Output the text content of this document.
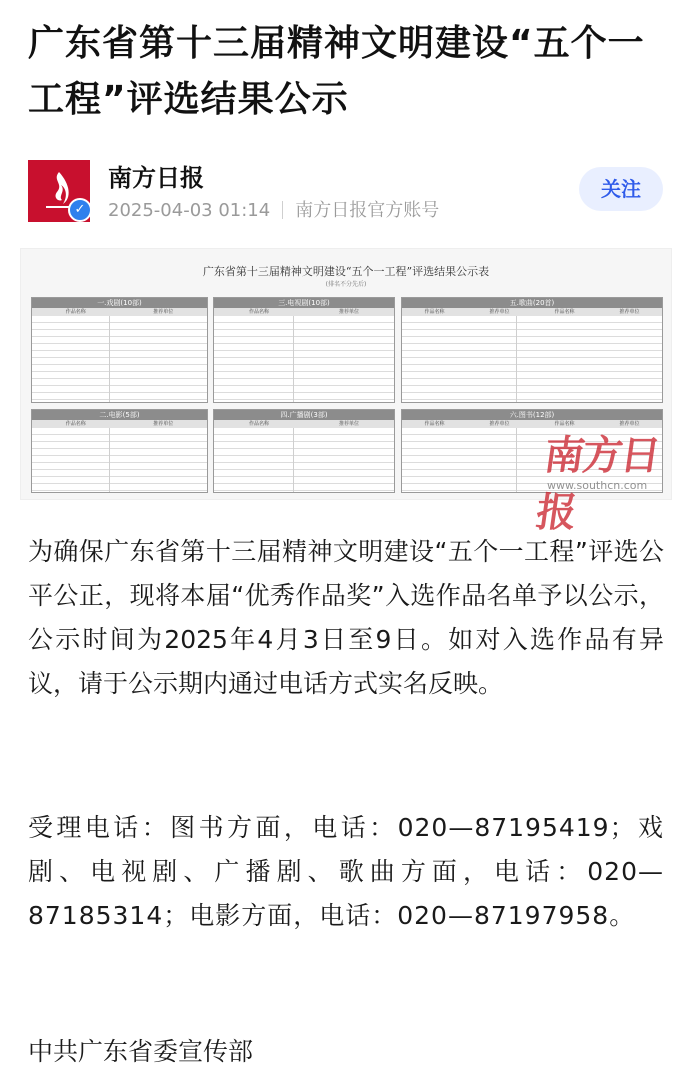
广东省第十三届精神文明建设“五个一工程”评选结果公示
✓
南方日报
2025-04-03 01:14 南方日报官方账号
关注
广东省第十三届精神文明建设“五个一工程”评选结果公示表
(排名不分先后)
一.戏剧(10部)
作品名称	推荐单位
三.电视剧(10部)
作品名称	推荐单位
五.歌曲(20首)
作品名称	推荐单位	作品名称	推荐单位
二.电影(5部)
作品名称	推荐单位
四.广播剧(3部)
作品名称	推荐单位
六.图书(12部)
作品名称	推荐单位	作品名称	推荐单位
南方日报
www.southcn.com
为确保广东省第十三届精神文明建设“五个一工程”评选公平公正，现将本届“优秀作品奖”入选作品名单予以公示，公示时间为2025年4月3日至9日。如对入选作品有异议，请于公示期内通过电话方式实名反映。
受理电话：图书方面，电话：020—87195419；戏剧、电视剧、广播剧、歌曲方面，电话：020—87185314；电影方面，电话：020—87197958。
中共广东省委宣传部
